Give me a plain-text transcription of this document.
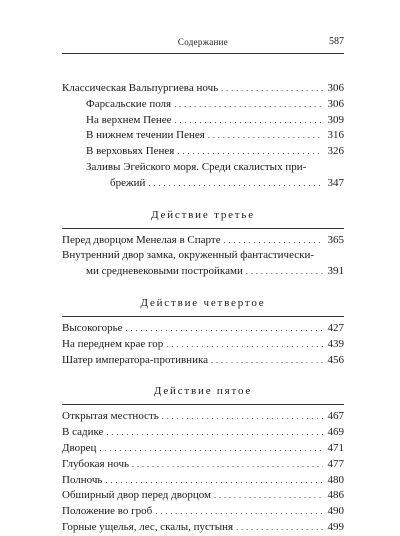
Содержание	587
Классическая Вальпургиева ночь . . .	306
Фарсальские поля . . .	306
На верхнем Пенее . . .	309
В нижнем течении Пенея . . .	316
В верховьях Пенея . . .	326
Заливы Эгейского моря. Среди скалистых при-
брежий . . .	347
Действие третье
Перед дворцом Менелая в Спарте . . .	365
Внутренний двор замка, окруженный фантастически-
ми средневековыми постройками . . .	391
Действие четвертое
Высокогорье . . .	427
На переднем крае гор . . .	439
Шатер императора-противника . . .	456
Действие пятое
Открытая местность . . .	467
В садике . . .	469
Дворец . . .	471
Глубокая ночь . . .	477
Полночь . . .	480
Обширный двор перед дворцом . . .	486
Положение во гроб . . .	490
Горные ущелья, лес, скалы, пустыня . . .	499
